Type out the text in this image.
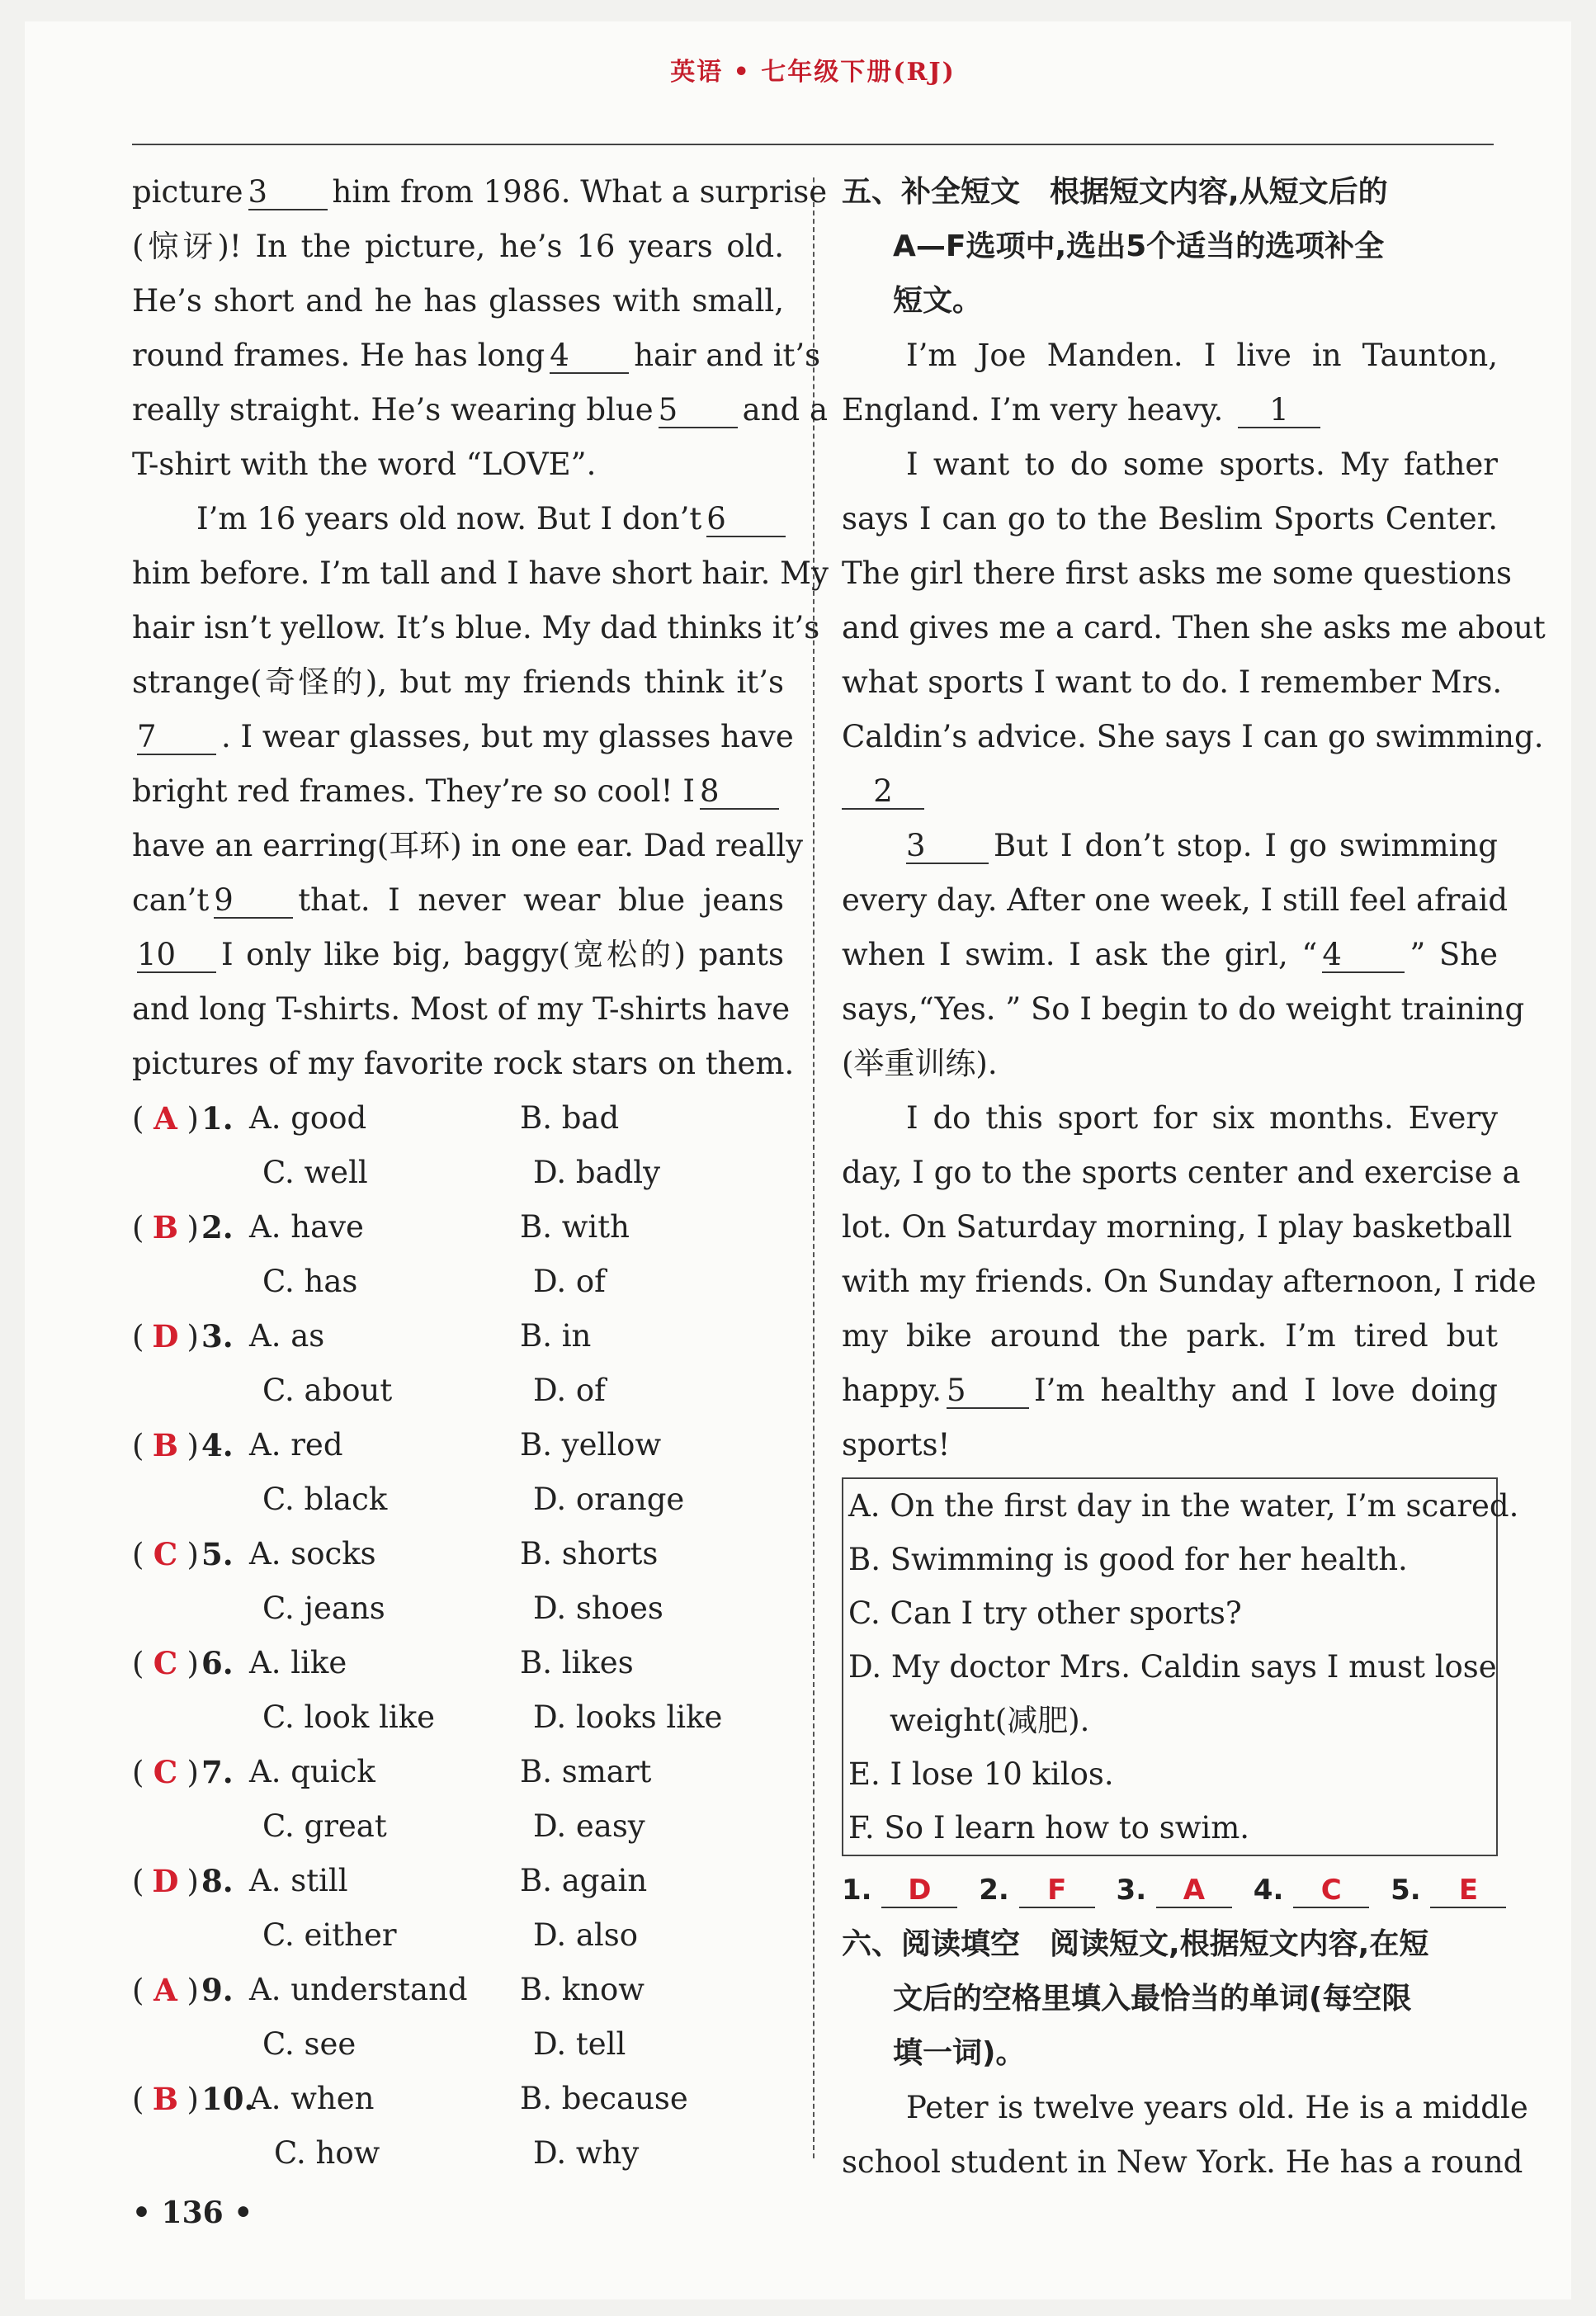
英语 • 七年级下册(RJ)
picture 3 him from 1986. What a surprise
(惊讶)! In the picture, he’s 16 years old.
He’s short and he has glasses with small,
round frames. He has long 4 hair and it’s
really straight. He’s wearing blue 5 and a
T-shirt with the word “LOVE”.
I’m 16 years old now. But I don’t 6
him before. I’m tall and I have short hair. My
hair isn’t yellow. It’s blue. My dad thinks it’s
strange(奇怪的), but my friends think it’s
7 . I wear glasses, but my glasses have
bright red frames. They’re so cool! I 8
have an earring(耳环) in one ear. Dad really
can’t 9 that. I never wear blue jeans
10 I only like big, baggy(宽松的) pants
and long T-shirts. Most of my T-shirts have
pictures of my favorite rock stars on them.
( A ) 1. A. good	B. bad
C. well	D. badly
( B ) 2. A. have	B. with
C. has	D. of
( D ) 3. A. as	B. in
C. about	D. of
( B ) 4. A. red	B. yellow
C. black	D. orange
( C ) 5. A. socks	B. shorts
C. jeans	D. shoes
( C ) 6. A. like	B. likes
C. look like	D. looks like
( C ) 7. A. quick	B. smart
C. great	D. easy
( D ) 8. A. still	B. again
C. either	D. also
( A ) 9. A. understand	B. know
C. see	D. tell
( B ) 10.
A. when	B. because
C. how	D. why
五、补全短文　根据短文内容,从短文后的
A—F选项中,选出5个适当的选项补全
短文。
I’m Joe Manden. I live in Taunton,
England. I’m very heavy. 1
I want to do some sports. My father
says I can go to the Beslim Sports Center.
The girl there first asks me some questions
and gives me a card. Then she asks me about
what sports I want to do. I remember Mrs.
Caldin’s advice. She says I can go swimming.
2
3 But I don’t stop. I go swimming
every day. After one week, I still feel afraid
when I swim. I ask the girl, “ 4 ” She
says,“Yes. ” So I begin to do weight training
(举重训练).
I do this sport for six months. Every
day, I go to the sports center and exercise a
lot. On Saturday morning, I play basketball
with my friends. On Sunday afternoon, I ride
my bike around the park. I’m tired but
happy. 5 I’m healthy and I love doing
sports!
A. On the first day in the water, I’m scared.
B. Swimming is good for her health.
C. Can I try other sports?
D. My doctor Mrs. Caldin says I must lose
weight(减肥).
E. I lose 10 kilos.
F. So I learn how to swim.
1. D 2. F 3. A 4. C 5. E
六、阅读填空　阅读短文,根据短文内容,在短
文后的空格里填入最恰当的单词(每空限
填一词)。
Peter is twelve years old. He is a middle
school student in New York. He has a round
• 136 •
